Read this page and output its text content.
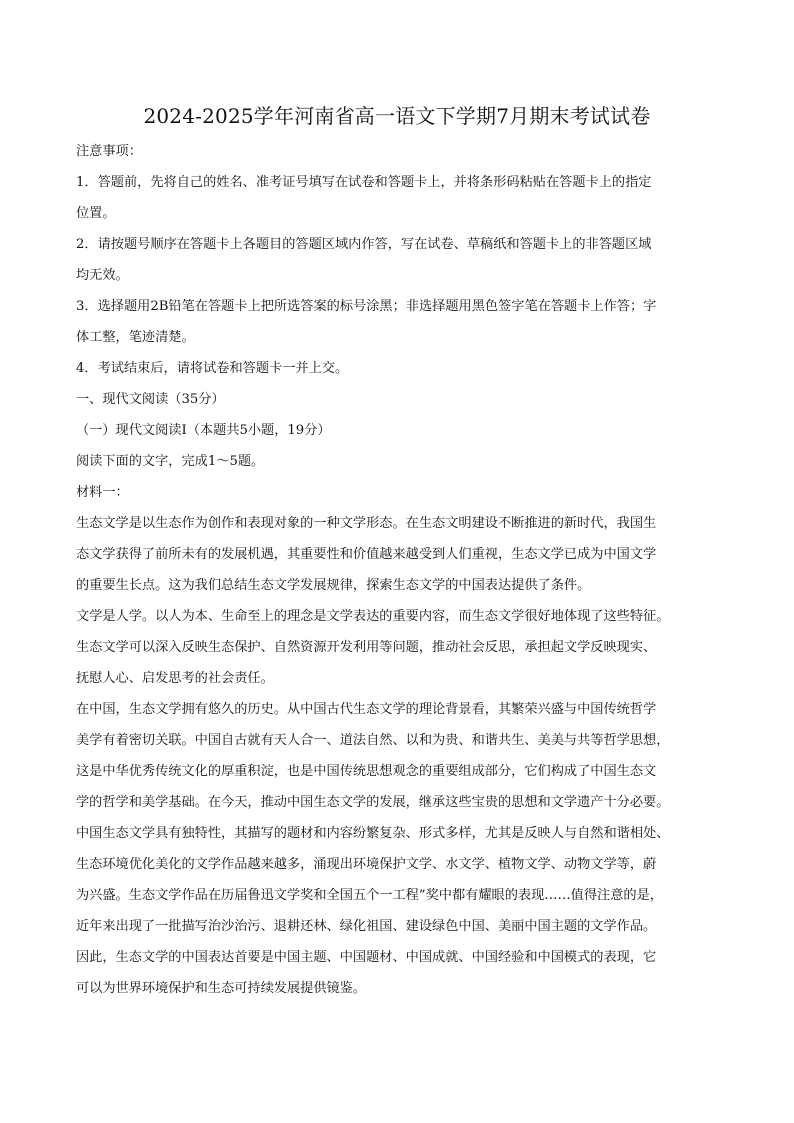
2024-2025学年河南省高一语文下学期7月期末考试试卷
注意事项：
1．答题前，先将自己的姓名、准考证号填写在试卷和答题卡上，并将条形码粘贴在答题卡上的指定
位置。
2．请按题号顺序在答题卡上各题目的答题区域内作答，写在试卷、草稿纸和答题卡上的非答题区域
均无效。
3．选择题用2B铅笔在答题卡上把所选答案的标号涂黑；非选择题用黑色签字笔在答题卡上作答；字
体工整，笔迹清楚。
4．考试结束后，请将试卷和答题卡一并上交。
一、现代文阅读（35分）
（一）现代文阅读I（本题共5小题，19分）
阅读下面的文字，完成1～5题。
材料一：
生态文学是以生态作为创作和表现对象的一种文学形态。在生态文明建设不断推进的新时代，我国生
态文学获得了前所未有的发展机遇，其重要性和价值越来越受到人们重视，生态文学已成为中国文学
的重要生长点。这为我们总结生态文学发展规律，探索生态文学的中国表达提供了条件。
文学是人学。以人为本、生命至上的理念是文学表达的重要内容，而生态文学很好地体现了这些特征。
生态文学可以深入反映生态保护、自然资源开发利用等问题，推动社会反思，承担起文学反映现实、
抚慰人心、启发思考的社会责任。
在中国，生态文学拥有悠久的历史。从中国古代生态文学的理论背景看，其繁荣兴盛与中国传统哲学
美学有着密切关联。中国自古就有天人合一、道法自然、以和为贵、和谐共生、美美与共等哲学思想，
这是中华优秀传统文化的厚重积淀，也是中国传统思想观念的重要组成部分，它们构成了中国生态文
学的哲学和美学基础。在今天，推动中国生态文学的发展，继承这些宝贵的思想和文学遗产十分必要。
中国生态文学具有独特性，其描写的题材和内容纷繁复杂、形式多样，尤其是反映人与自然和谐相处、
生态环境优化美化的文学作品越来越多，涌现出环境保护文学、水文学、植物文学、动物文学等，蔚
为兴盛。生态文学作品在历届鲁迅文学奖和全国五个一工程”奖中都有耀眼的表现……值得注意的是，
近年来出现了一批描写治沙治污、退耕还林、绿化祖国、建设绿色中国、美丽中国主题的文学作品。
因此，生态文学的中国表达首要是中国主题、中国题材、中国成就、中国经验和中国模式的表现，它
可以为世界环境保护和生态可持续发展提供镜鉴。
